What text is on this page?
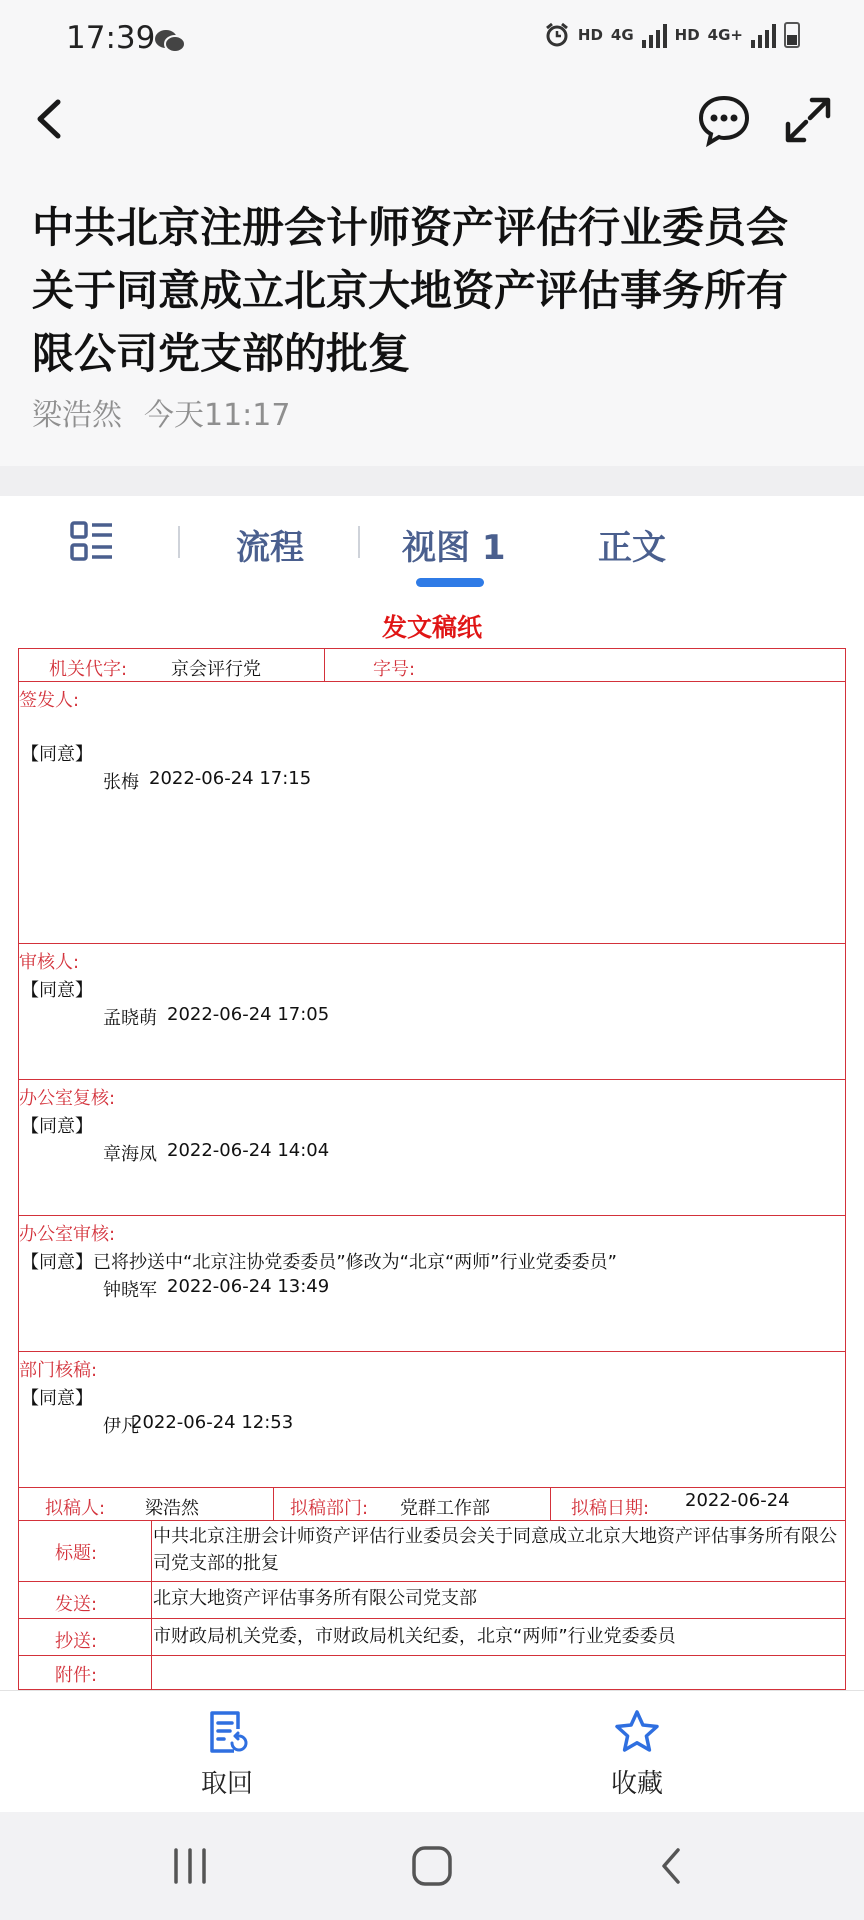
17:39	HD 4G	HD 4G+
中共北京注册会计师资产评估行业委员会关于同意成立北京大地资产评估事务所有限公司党支部的批复
梁浩然 今天11:17
流程	视图 1	正文
发文稿纸
机关代字: 京会评行党	字号:
签发人:
【同意】
张梅 2022-06-24 17:15
审核人:
【同意】
孟晓萌 2022-06-24 17:05
办公室复核:
【同意】
章海凤 2022-06-24 14:04
办公室审核:
【同意】已将抄送中“北京注协党委委员”修改为“北京“两师”行业党委委员”
钟晓军 2022-06-24 13:49
部门核稿:
【同意】
伊凡
2022-06-24 12:53
拟稿人: 梁浩然	拟稿部门: 党群工作部	拟稿日期: 2022-06-24
标题:
中共北京注册会计师资产评估行业委员会关于同意成立北京大地资产评估事务所有限公司党支部的批复
发送:	北京大地资产评估事务所有限公司党支部
抄送:	市财政局机关党委，市财政局机关纪委，北京“两师”行业党委委员
附件:
取回	收藏
